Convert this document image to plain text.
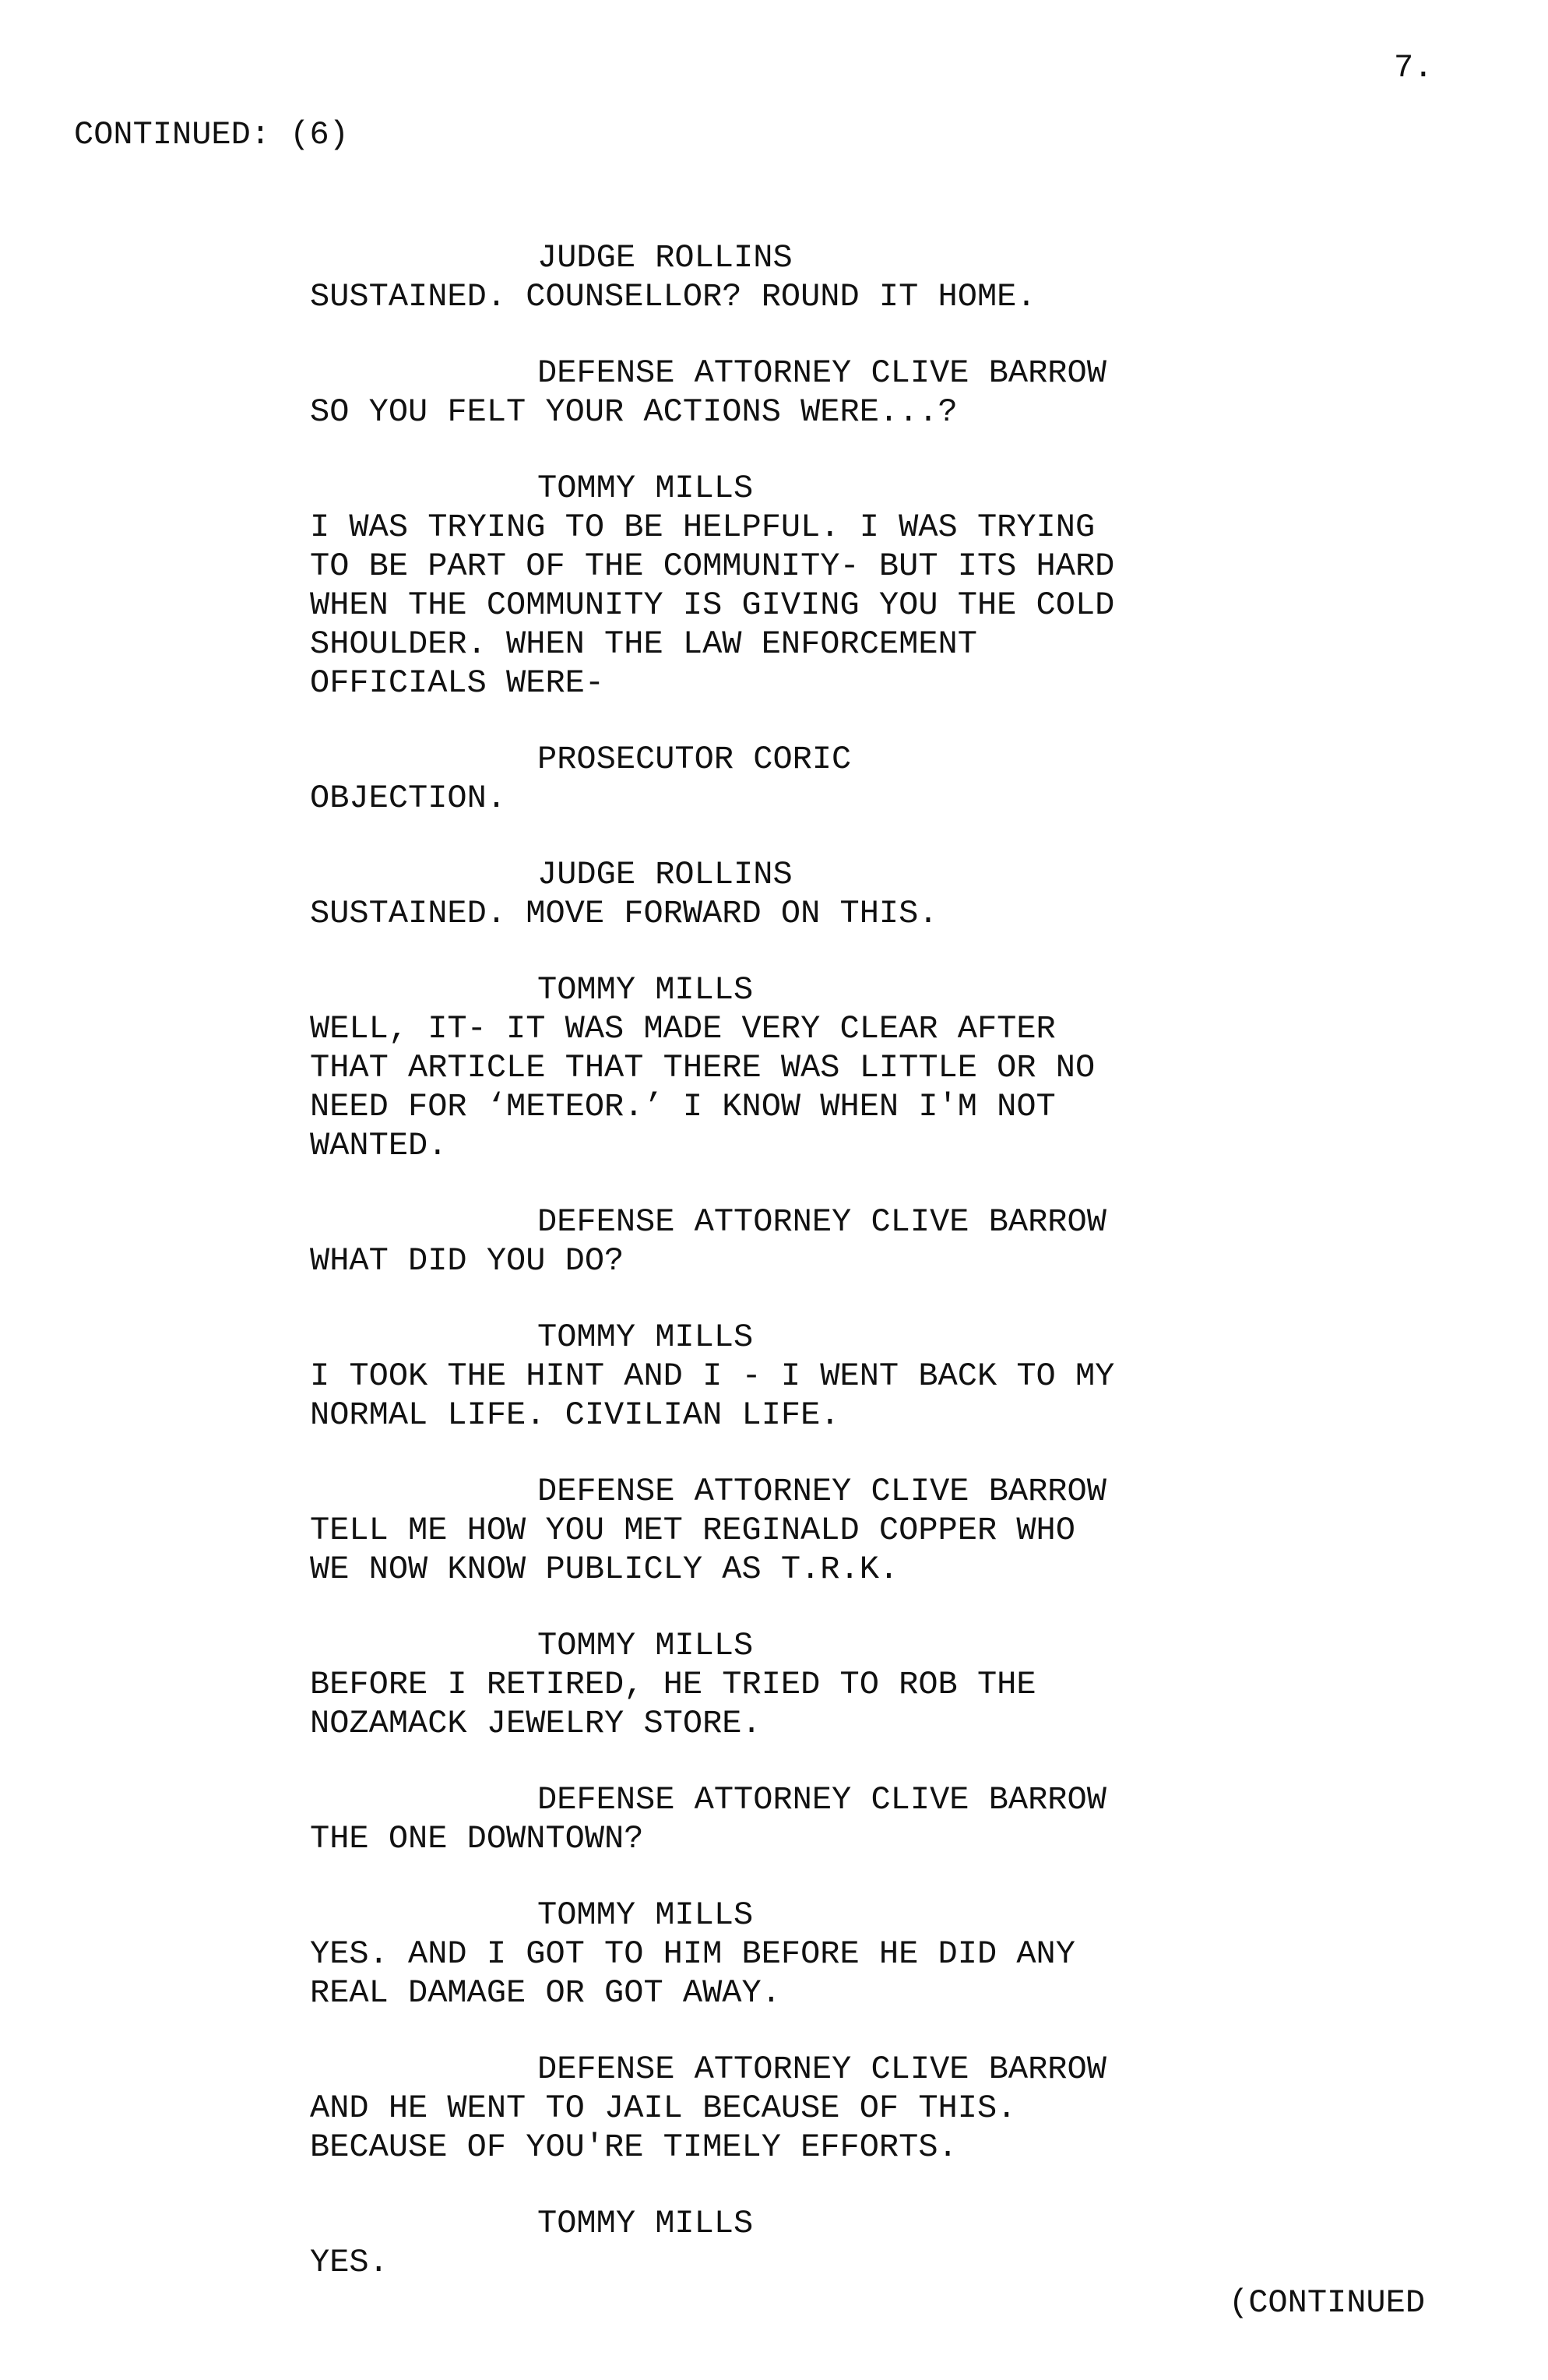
7.
CONTINUED: (6)
JUDGE ROLLINS
SUSTAINED. COUNSELLOR? ROUND IT HOME.
DEFENSE ATTORNEY CLIVE BARROW
SO YOU FELT YOUR ACTIONS WERE...?
TOMMY MILLS
I WAS TRYING TO BE HELPFUL. I WAS TRYING
TO BE PART OF THE COMMUNITY- BUT ITS HARD
WHEN THE COMMUNITY IS GIVING YOU THE COLD
SHOULDER. WHEN THE LAW ENFORCEMENT
OFFICIALS WERE-
PROSECUTOR CORIC
OBJECTION.
JUDGE ROLLINS
SUSTAINED. MOVE FORWARD ON THIS.
TOMMY MILLS
WELL, IT- IT WAS MADE VERY CLEAR AFTER
THAT ARTICLE THAT THERE WAS LITTLE OR NO
NEED FOR ‘METEOR.’ I KNOW WHEN I'M NOT
WANTED.
DEFENSE ATTORNEY CLIVE BARROW
WHAT DID YOU DO?
TOMMY MILLS
I TOOK THE HINT AND I - I WENT BACK TO MY
NORMAL LIFE. CIVILIAN LIFE.
DEFENSE ATTORNEY CLIVE BARROW
TELL ME HOW YOU MET REGINALD COPPER WHO
WE NOW KNOW PUBLICLY AS T.R.K.
TOMMY MILLS
BEFORE I RETIRED, HE TRIED TO ROB THE
NOZAMACK JEWELRY STORE.
DEFENSE ATTORNEY CLIVE BARROW
THE ONE DOWNTOWN?
TOMMY MILLS
YES. AND I GOT TO HIM BEFORE HE DID ANY
REAL DAMAGE OR GOT AWAY.
DEFENSE ATTORNEY CLIVE BARROW
AND HE WENT TO JAIL BECAUSE OF THIS.
BECAUSE OF YOU'RE TIMELY EFFORTS.
TOMMY MILLS
YES.
(CONTINUED
